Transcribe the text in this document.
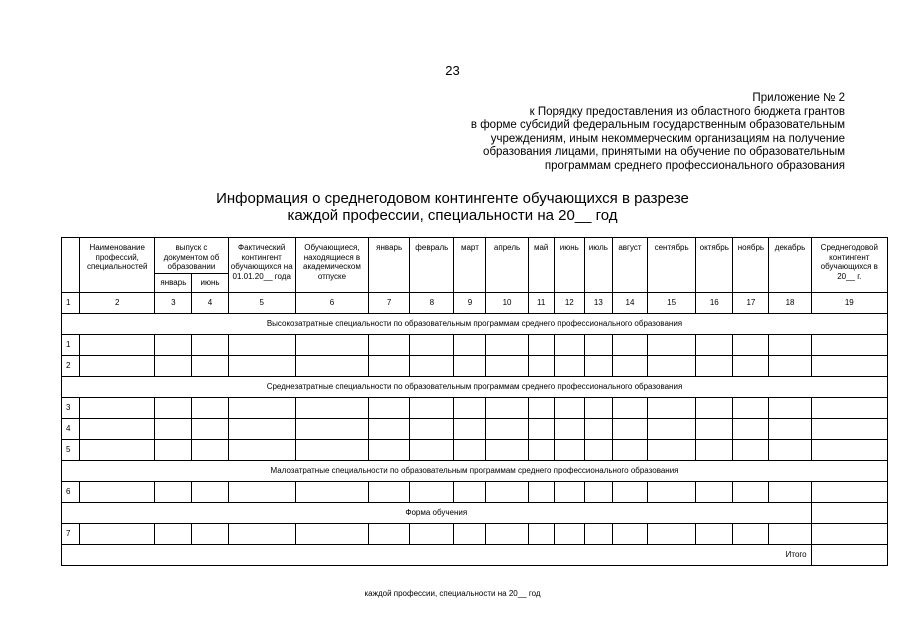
23
Приложение № 2
к Порядку предоставления из областного бюджета грантов
в форме субсидий федеральным государственным образовательным
учреждениям, иным некоммерческим организациям на получение
образования лицами, принятыми на обучение по образовательным
программам среднего профессионального образования
Информация о среднегодовом контингенте обучающихся в разрезе
каждой профессии, специальности на 20__ год
	Наименование профессий, специальностей	выпуск с документом об образовании		Фактический контингент обучающихся на 01.01.20__ года	Обучающиеся, находящиеся в академическом отпуске	январь	февраль	март	апрель	май	июнь	июль	август	сентябрь	октябрь	ноябрь	декабрь	Среднегодовой контингент обучающихся в 20__ г.
		январь	июнь															
1	2	3	4	5	6	7	8	9	10	11	12	13	14	15	16	17	18	19
Высокозатратные специальности по образовательным программам среднего профессионального образования																		
1																		
2																		
Среднезатратные специальности по образовательным программам среднего профессионального образования																		
3																		
4																		
5																		
Малозатратные специальности по образовательным программам среднего профессионального образования																		
6																		
Форма обучения																		
7																		
Итого																		
каждой профессии, специальности на 20__ год
